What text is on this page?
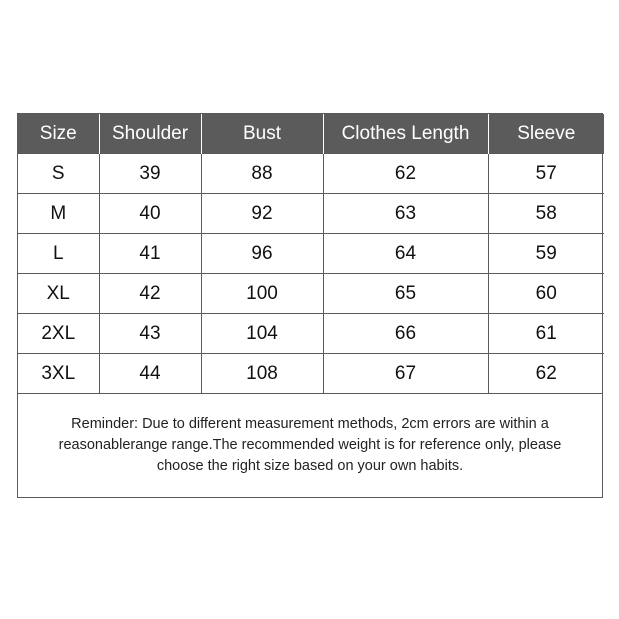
Size	Shoulder	Bust	Clothes Length	Sleeve
S	39	88	62	57
M	40	92	63	58
L	41	96	64	59
XL	42	100	65	60
2XL	43	104	66	61
3XL	44	108	67	62
Reminder: Due to different measurement methods, 2cm errors are within a reasonablerange range.The recommended weight is for reference only, please choose the right size based on your own habits.
